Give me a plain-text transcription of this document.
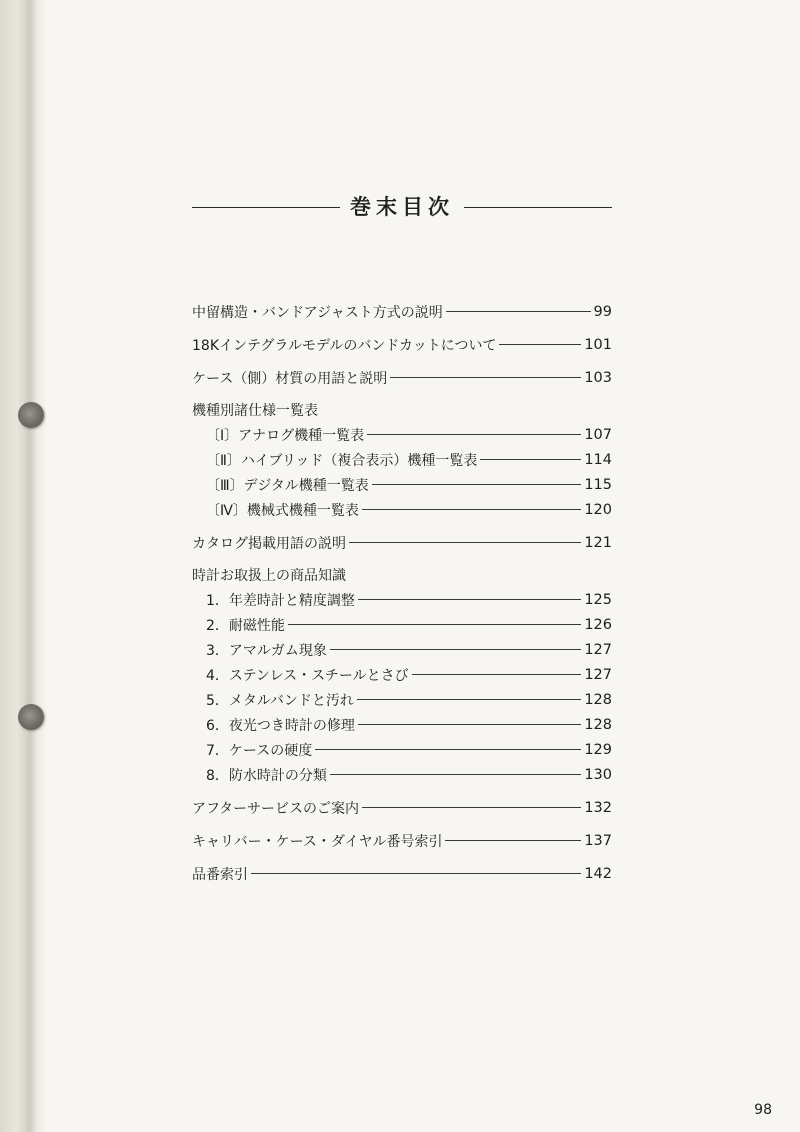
巻末目次
中留構造・バンドアジャスト方式の説明	99
18Kインテグラルモデルのバンドカットについて	101
ケース（側）材質の用語と説明	103
機種別諸仕様一覧表
〔Ⅰ〕アナログ機種一覧表	107
〔Ⅱ〕ハイブリッド（複合表示）機種一覧表	114
〔Ⅲ〕デジタル機種一覧表	115
〔Ⅳ〕機械式機種一覧表	120
カタログ掲載用語の説明	121
時計お取扱上の商品知識
1．年差時計と精度調整	125
2．耐磁性能	126
3．アマルガム現象	127
4．ステンレス・スチールとさび	127
5．メタルバンドと汚れ	128
6．夜光つき時計の修理	128
7．ケースの硬度	129
8．防水時計の分類	130
アフターサービスのご案内	132
キャリバー・ケース・ダイヤル番号索引	137
品番索引	142
98
